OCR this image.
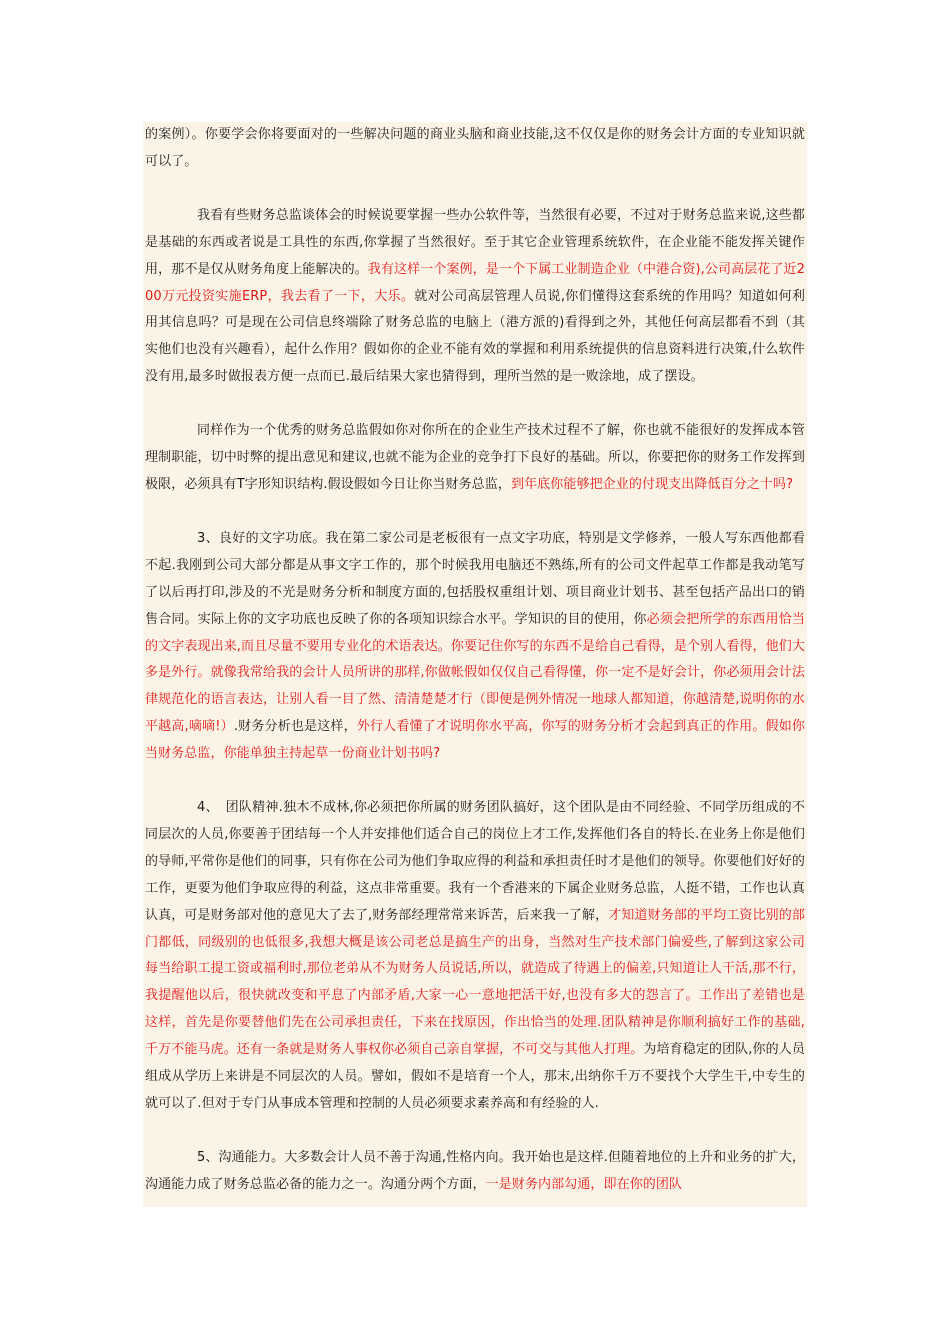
的案例）。你要学会你将要面对的一些解决问题的商业头脑和商业技能,这不仅仅是你的财务会计方面的专业知识就可以了。

我看有些财务总监谈体会的时候说要掌握一些办公软件等，当然很有必要，不过对于财务总监来说,这些都是基础的东西或者说是工具性的东西,你掌握了当然很好。至于其它企业管理系统软件，在企业能不能发挥关键作用，那不是仅从财务角度上能解决的。我有这样一个案例，是一个下属工业制造企业（中港合资),公司高层花了近200万元投资实施ERP，我去看了一下，大乐。就对公司高层管理人员说,你们懂得这套系统的作用吗？知道如何利用其信息吗？可是现在公司信息终端除了财务总监的电脑上（港方派的)看得到之外，其他任何高层都看不到（其实他们也没有兴趣看），起什么作用？假如你的企业不能有效的掌握和利用系统提供的信息资料进行决策,什么软件没有用,最多时做报表方便一点而已.最后结果大家也猜得到，理所当然的是一败涂地，成了摆设。

同样作为一个优秀的财务总监假如你对你所在的企业生产技术过程不了解，你也就不能很好的发挥成本管理制职能，切中时弊的提出意见和建议,也就不能为企业的竞争打下良好的基础。所以，你要把你的财务工作发挥到极限，必须具有T字形知识结构.假设假如今日让你当财务总监，到年底你能够把企业的付现支出降低百分之十吗?

3、良好的文字功底。我在第二家公司是老板很有一点文字功底，特别是文学修养，一般人写东西他都看不起.我刚到公司大部分都是从事文字工作的，那个时候我用电脑还不熟练,所有的公司文件起草工作都是我动笔写了以后再打印,涉及的不光是财务分析和制度方面的,包括股权重组计划、项目商业计划书、甚至包括产品出口的销售合同。实际上你的文字功底也反映了你的各项知识综合水平。学知识的目的使用，你必须会把所学的东西用恰当的文字表现出来,而且尽量不要用专业化的术语表达。你要记住你写的东西不是给自己看得，是个别人看得，他们大多是外行。就像我常给我的会计人员所讲的那样,你做帐假如仅仅自己看得懂，你一定不是好会计，你必须用会计法律规范化的语言表达，让别人看一目了然、清清楚楚才行（即便是例外情况一地球人都知道，你越清楚,说明你的水平越高,嘀嘀!）.财务分析也是这样，外行人看懂了才说明你水平高，你写的财务分析才会起到真正的作用。假如你当财务总监，你能单独主持起草一份商业计划书吗?

4、　团队精神.独木不成林,你必须把你所属的财务团队搞好，这个团队是由不同经验、不同学历组成的不同层次的人员,你要善于团结每一个人并安排他们适合自己的岗位上才工作,发挥他们各自的特长.在业务上你是他们的导师,平常你是他们的同事，只有你在公司为他们争取应得的利益和承担责任时才是他们的领导。你要他们好好的工作，更要为他们争取应得的利益，这点非常重要。我有一个香港来的下属企业财务总监，人挺不错，工作也认真认真，可是财务部对他的意见大了去了,财务部经理常常来诉苦，后来我一了解，才知道财务部的平均工资比别的部门都低，同级别的也低很多,我想大概是该公司老总是搞生产的出身，当然对生产技术部门偏爱些,了解到这家公司每当给职工提工资或福利时,那位老弟从不为财务人员说话,所以，就造成了待遇上的偏差,只知道让人干活,那不行，我提醒他以后，很快就改变和平息了内部矛盾,大家一心一意地把活干好,也没有多大的怨言了。工作出了差错也是这样，首先是你要替他们先在公司承担责任，下来在找原因，作出恰当的处理.团队精神是你顺利搞好工作的基础,千万不能马虎。还有一条就是财务人事权你必须自己亲自掌握，不可交与其他人打理。为培育稳定的团队,你的人员组成从学历上来讲是不同层次的人员。譬如，假如不是培育一个人，那末,出纳你千万不要找个大学生干,中专生的就可以了.但对于专门从事成本管理和控制的人员必须要求素养高和有经验的人.

5、沟通能力。大多数会计人员不善于沟通,性格内向。我开始也是这样.但随着地位的上升和业务的扩大，沟通能力成了财务总监必备的能力之一。沟通分两个方面，一是财务内部勾通，即在你的团队
